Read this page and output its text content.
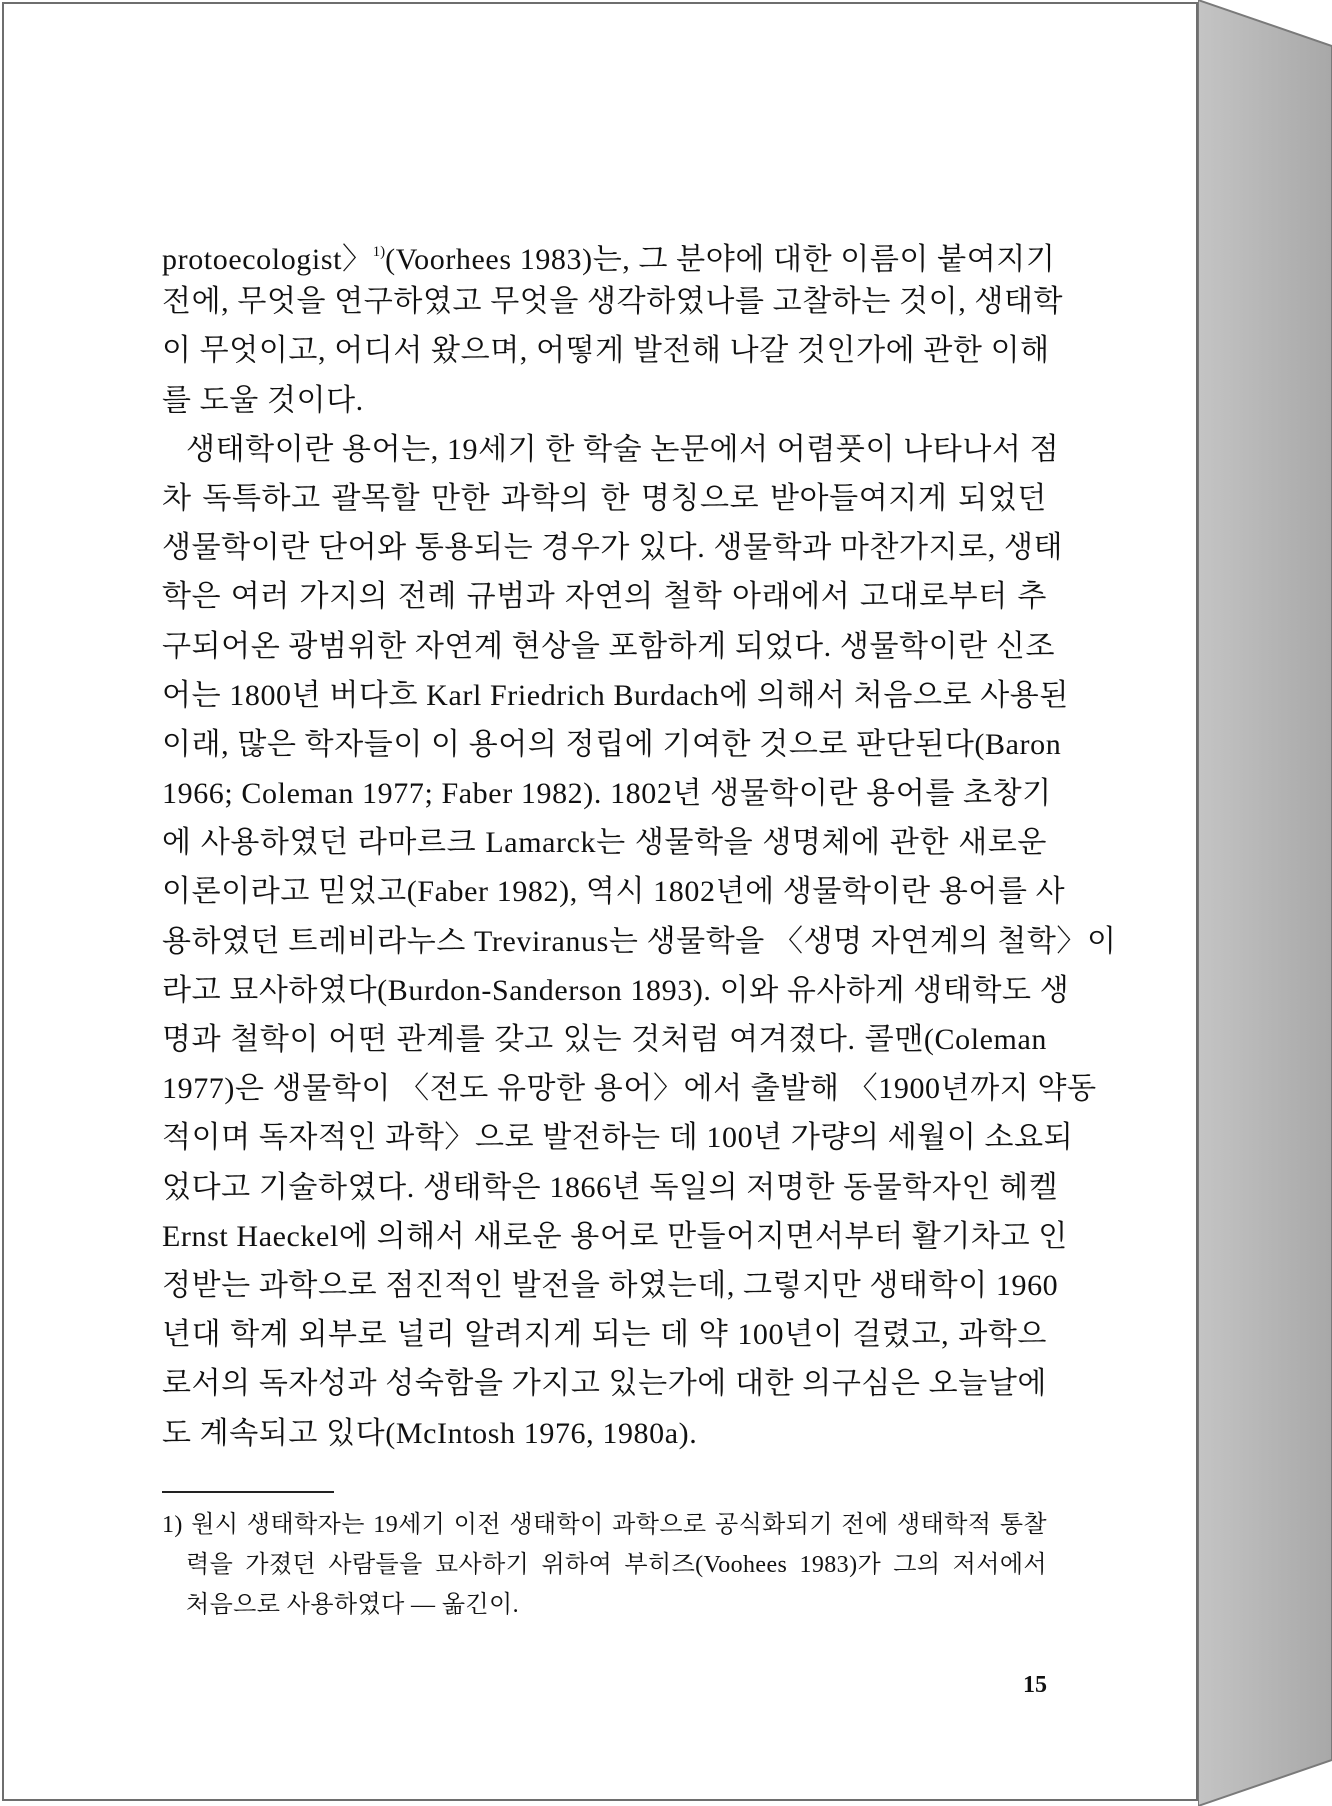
protoecologist〉$^{1)}$(Voorhees 1983)는, 그 분야에 대한 이름이 붙여지기
전에, 무엇을 연구하였고 무엇을 생각하였나를 고찰하는 것이, 생태학
이 무엇이고, 어디서 왔으며, 어떻게 발전해 나갈 것인가에 관한 이해
를 도울 것이다.
생태학이란 용어는, 19세기 한 학술 논문에서 어렴풋이 나타나서 점
차 독특하고 괄목할 만한 과학의 한 명칭으로 받아들여지게 되었던
생물학이란 단어와 통용되는 경우가 있다. 생물학과 마찬가지로, 생태
학은 여러 가지의 전례 규범과 자연의 철학 아래에서 고대로부터 추
구되어온 광범위한 자연계 현상을 포함하게 되었다. 생물학이란 신조
어는 1800년 버다흐 Karl Friedrich Burdach에 의해서 처음으로 사용된
이래, 많은 학자들이 이 용어의 정립에 기여한 것으로 판단된다(Baron
1966; Coleman 1977; Faber 1982). 1802년 생물학이란 용어를 초창기
에 사용하였던 라마르크 Lamarck는 생물학을 생명체에 관한 새로운
이론이라고 믿었고(Faber 1982), 역시 1802년에 생물학이란 용어를 사
용하였던 트레비라누스 Treviranus는 생물학을 〈생명 자연계의 철학〉이
라고 묘사하였다(Burdon-Sanderson 1893). 이와 유사하게 생태학도 생
명과 철학이 어떤 관계를 갖고 있는 것처럼 여겨졌다. 콜맨(Coleman
1977)은 생물학이 〈전도 유망한 용어〉에서 출발해 〈1900년까지 약동
적이며 독자적인 과학〉으로 발전하는 데 100년 가량의 세월이 소요되
었다고 기술하였다. 생태학은 1866년 독일의 저명한 동물학자인 헤켈
Ernst Haeckel에 의해서 새로운 용어로 만들어지면서부터 활기차고 인
정받는 과학으로 점진적인 발전을 하였는데, 그렇지만 생태학이 1960
년대 학계 외부로 널리 알려지게 되는 데 약 100년이 걸렸고, 과학으
로서의 독자성과 성숙함을 가지고 있는가에 대한 의구심은 오늘날에
도 계속되고 있다(McIntosh 1976, 1980a).
1) 원시 생태학자는 19세기 이전 생태학이 과학으로 공식화되기 전에 생태학적 통찰
력을 가졌던 사람들을 묘사하기 위하여 부히즈(Voohees 1983)가 그의 저서에서
처음으로 사용하였다 — 옮긴이.
15
